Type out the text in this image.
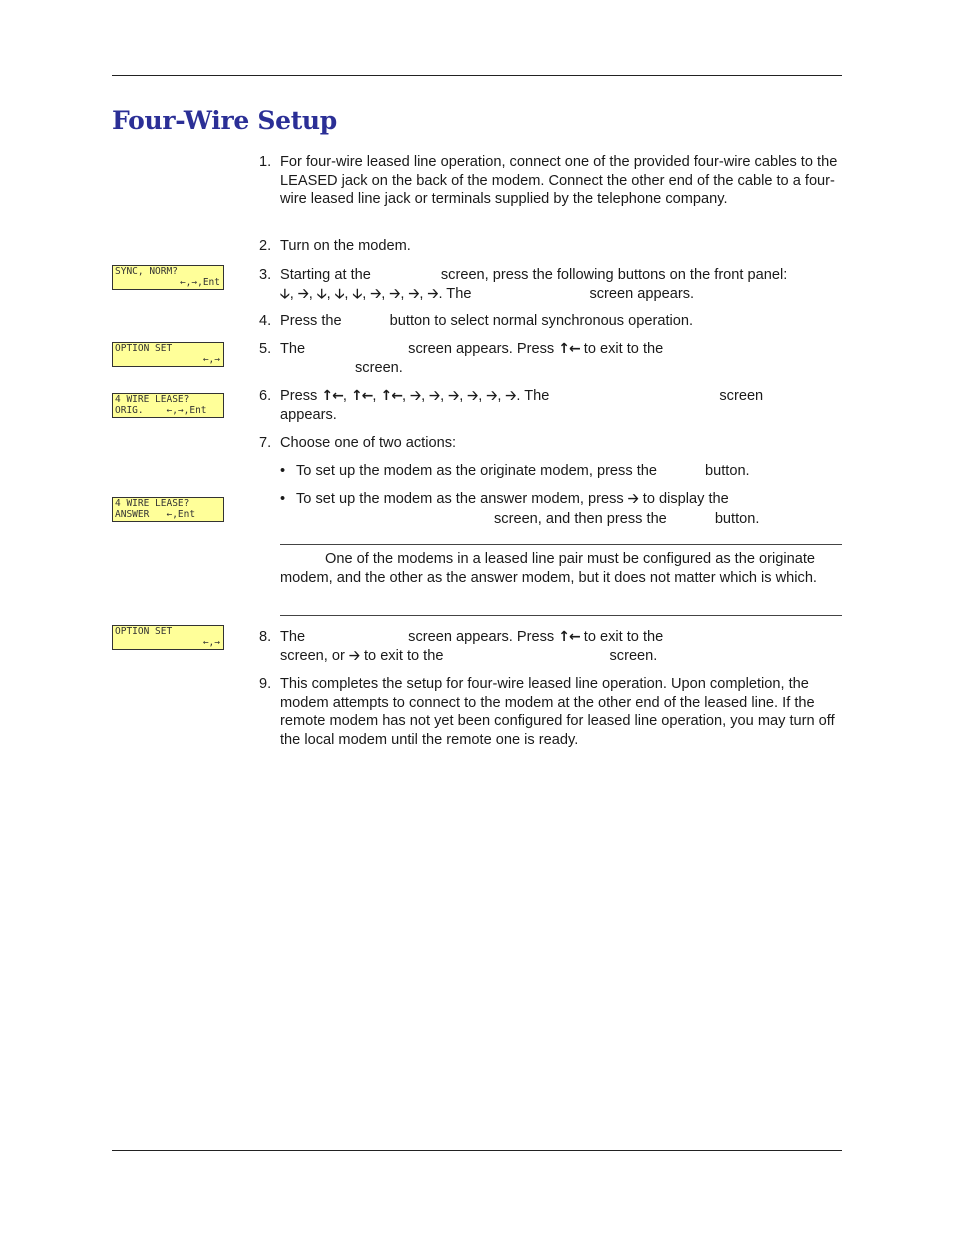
Four-Wire Setup
SYNC, NORM?
←,→,Ent
OPTION SET
←,→
4 WIRE LEASE?
ORIG.    ←,→,Ent
4 WIRE LEASE?
ANSWER   ←,Ent
OPTION SET
←,→
1. For four-wire leased line operation, connect one of the provided four-wire cables to the LEASED jack on the back of the modem. Connect the other end of the cable to a four-wire leased line jack or terminals supplied by the telephone company.
2. Turn on the modem.
3. Starting at the	screen, press the following buttons on the front panel:
🡣, 🡢, 🡣, 🡣, 🡣, 🡢, 🡢, 🡢, 🡢. The	screen appears.
4. Press the	button to select normal synchronous operation.
5. The	screen appears. Press ↑← to exit to the
screen.
6. Press ↑←, ↑←, ↑←, 🡢, 🡢, 🡢, 🡢, 🡢, 🡢. The	screen
appears.
7. Choose one of two actions:
• To set up the modem as the originate modem, press the	button.
• To set up the modem as the answer modem, press 🡢 to display the
screen, and then press the	button.
One of the modems in a leased line pair must be configured as the originate modem, and the other as the answer modem, but it does not matter which is which.
8. The	screen appears. Press ↑← to exit to the
screen, or 🡢 to exit to the	screen.
9. This completes the setup for four-wire leased line operation. Upon completion, the modem attempts to connect to the modem at the other end of the leased line. If the remote modem has not yet been configured for leased line operation, you may turn off the local modem until the remote one is ready.
